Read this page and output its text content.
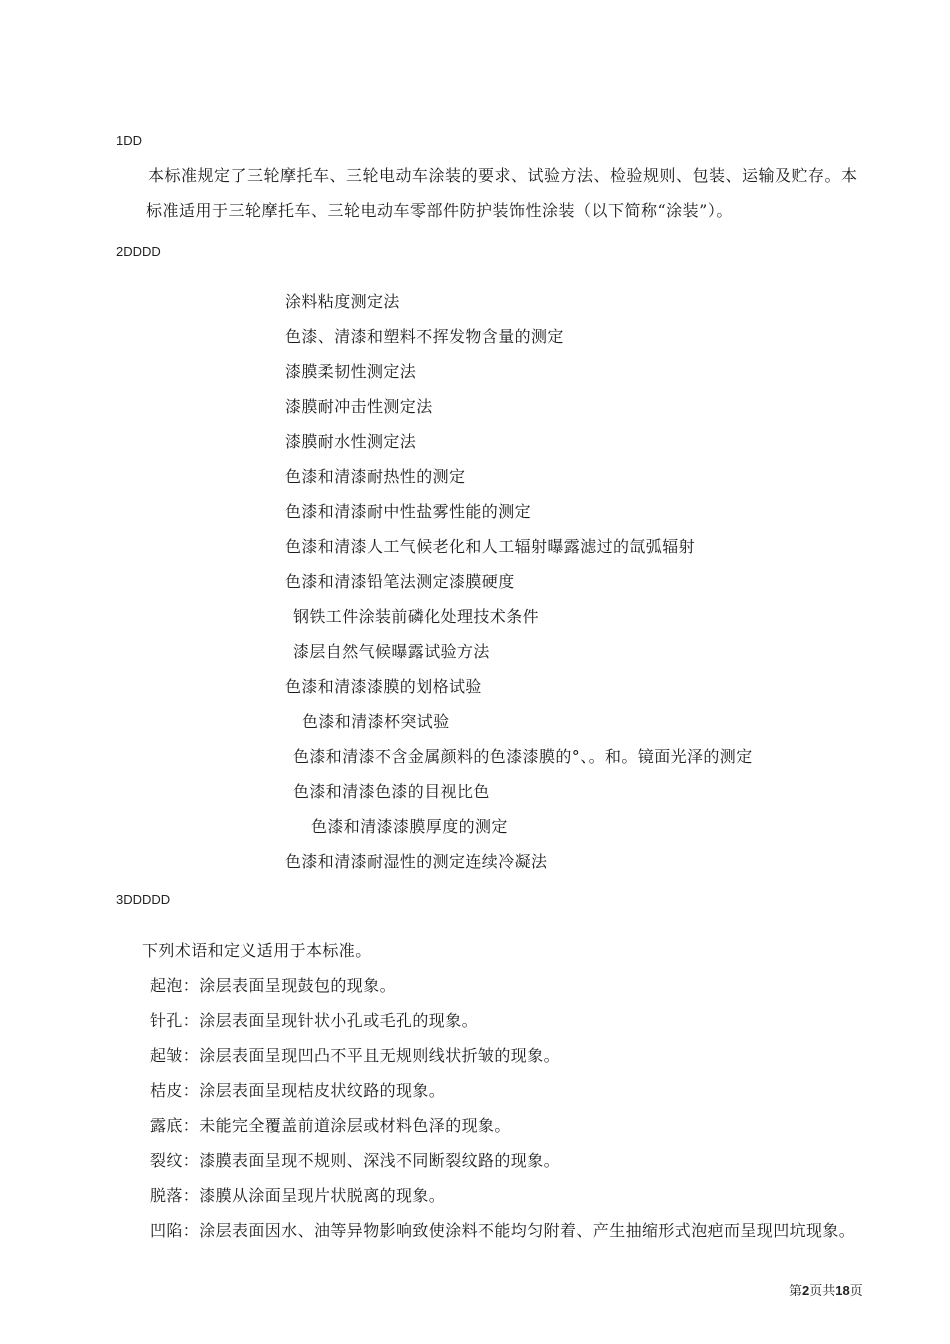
1DD
本标准规定了三轮摩托车、三轮电动车涂装的要求、试验方法、检验规则、包装、运输及贮存。本
标准适用于三轮摩托车、三轮电动车零部件防护装饰性涂装（以下简称“涂装”）。
2DDDD
涂料粘度测定法
色漆、清漆和塑料不挥发物含量的测定
漆膜柔韧性测定法
漆膜耐冲击性测定法
漆膜耐水性测定法
色漆和清漆耐热性的测定
色漆和清漆耐中性盐雾性能的测定
色漆和清漆人工气候老化和人工辐射曝露滤过的氙弧辐射
色漆和清漆铅笔法测定漆膜硬度
钢铁工件涂装前磷化处理技术条件
漆层自然气候曝露试验方法
色漆和清漆漆膜的划格试验
色漆和清漆杯突试验
色漆和清漆不含金属颜料的色漆漆膜的°、。和。镜面光泽的测定
色漆和清漆色漆的目视比色
色漆和清漆漆膜厚度的测定
色漆和清漆耐湿性的测定连续冷凝法
3DDDDD
下列术语和定义适用于本标准。
起泡：涂层表面呈现鼓包的现象。
针孔：涂层表面呈现针状小孔或毛孔的现象。
起皱：涂层表面呈现凹凸不平且无规则线状折皱的现象。
桔皮：涂层表面呈现桔皮状纹路的现象。
露底：未能完全覆盖前道涂层或材料色泽的现象。
裂纹：漆膜表面呈现不规则、深浅不同断裂纹路的现象。
脱落：漆膜从涂面呈现片状脱离的现象。
凹陷：涂层表面因水、油等异物影响致使涂料不能均匀附着、产生抽缩形式泡疤而呈现凹坑现象。
第2页共18页
